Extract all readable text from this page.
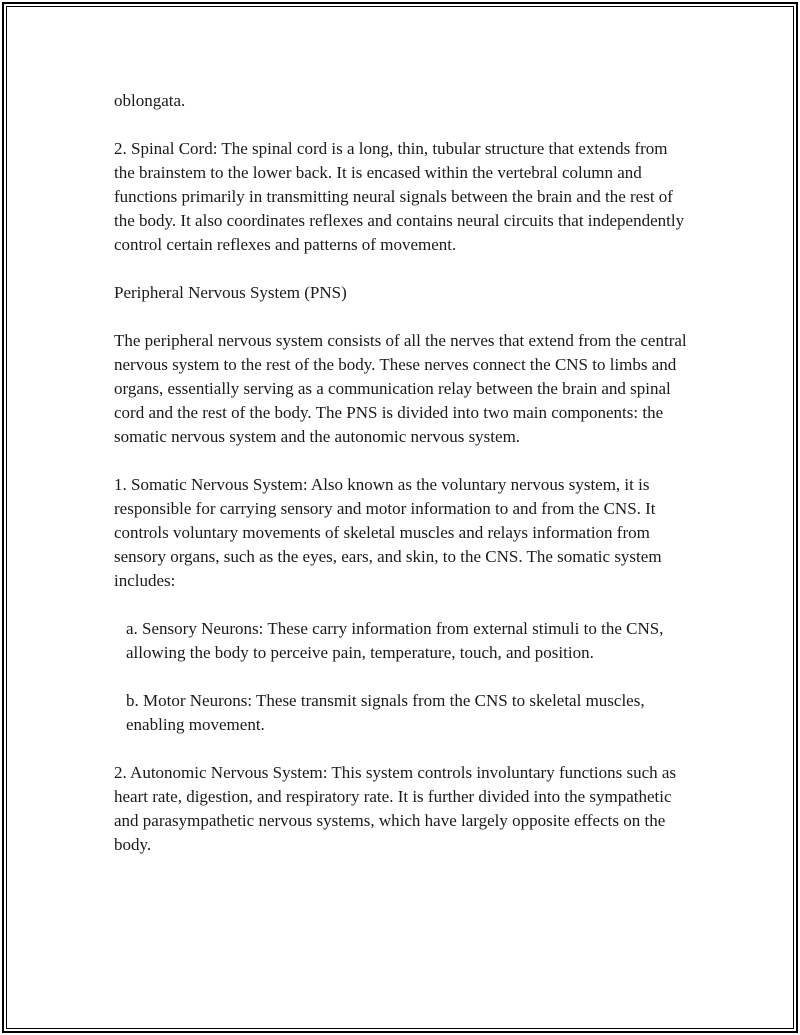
oblongata.

2. Spinal Cord: The spinal cord is a long, thin, tubular structure that extends from the brainstem to the lower back. It is encased within the vertebral column and functions primarily in transmitting neural signals between the brain and the rest of the body. It also coordinates reflexes and contains neural circuits that independently control certain reflexes and patterns of movement.

Peripheral Nervous System (PNS)

The peripheral nervous system consists of all the nerves that extend from the central nervous system to the rest of the body. These nerves connect the CNS to limbs and organs, essentially serving as a communication relay between the brain and spinal cord and the rest of the body. The PNS is divided into two main components: the somatic nervous system and the autonomic nervous system.

1. Somatic Nervous System: Also known as the voluntary nervous system, it is responsible for carrying sensory and motor information to and from the CNS. It controls voluntary movements of skeletal muscles and relays information from sensory organs, such as the eyes, ears, and skin, to the CNS. The somatic system includes:

a. Sensory Neurons: These carry information from external stimuli to the CNS, allowing the body to perceive pain, temperature, touch, and position.

b. Motor Neurons: These transmit signals from the CNS to skeletal muscles, enabling movement.

2. Autonomic Nervous System: This system controls involuntary functions such as heart rate, digestion, and respiratory rate. It is further divided into the sympathetic and parasympathetic nervous systems, which have largely opposite effects on the body.
